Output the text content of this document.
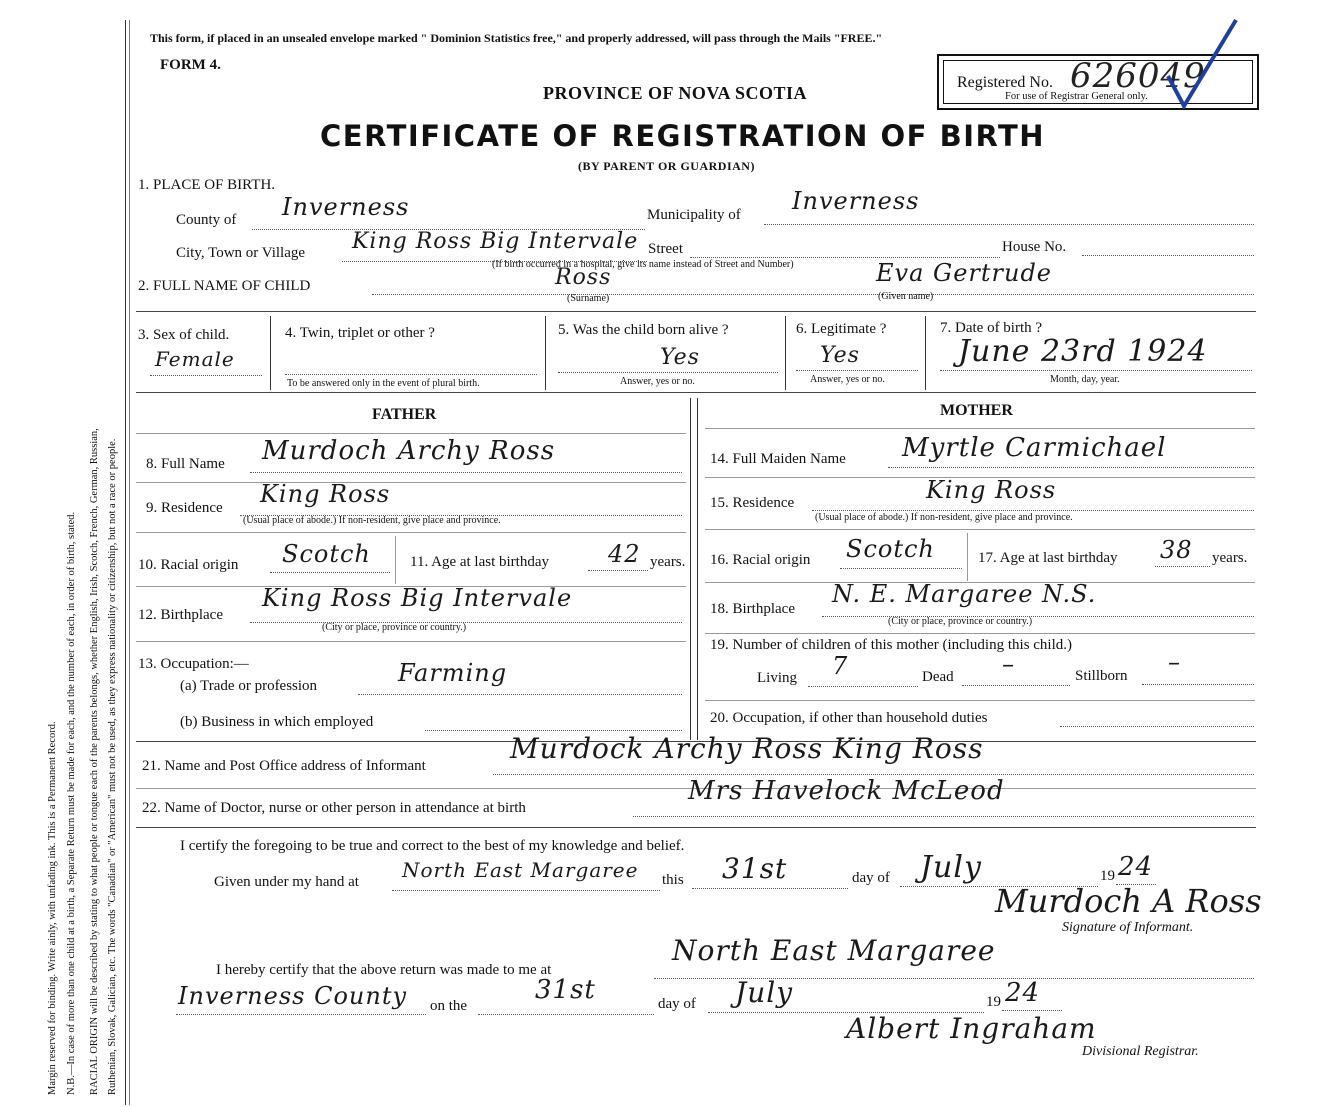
Margin reserved for binding. Write ainly, with unfading ink. This is a Permanent Record. N.B.—In case of more than one child at a birth, a Separate Return must be made for each, and the number of each, in order of birth, stated. RACIAL ORIGIN will be described by stating to what people or tongue each of the parents belongs, whether English, Irish, Scotch, French, German, Russian, Ruthenian, Slovak, Galician, etc. The words "Canadian" or "American" must not be used, as they express nationality or citizenship, but not a race or people.
This form, if placed in an unsealed envelope marked " Dominion Statistics free," and properly addressed, will pass through the Mails "FREE."
FORM 4.
PROVINCE OF NOVA SCOTIA
CERTIFICATE OF REGISTRATION OF BIRTH
(BY PARENT OR GUARDIAN)
Registered No. 626049
For use of Registrar General only.
1. PLACE OF BIRTH.
County of Inverness	Municipality of Inverness
City, Town or Village King Ross Big Intervale Street	House No.
(If birth occurred in a hospital, give its name instead of Street and Number)
2. FULL NAME OF CHILD	Ross
(Surname)
Eva Gertrude
(Given name)
3. Sex of child.
Female
4. Twin, triplet or other ?
To be answered only in the event of plural birth.
5. Was the child born alive ?
Yes
Answer, yes or no.
6. Legitimate ?
Yes
Answer, yes or no.
7. Date of birth ?
June 23rd 1924
Month, day, year.
FATHER	MOTHER
8. Full Name Murdoch Archy Ross
9. Residence King Ross
(Usual place of abode.) If non-resident, give place and province.
10. Racial origin Scotch	11. Age at last birthday 42 years.
12. Birthplace
King Ross Big Intervale
(City or place, province or country.)
13. Occupation:—
(a) Trade or profession	Farming
(b) Business in which employed
14. Full Maiden Name Myrtle Carmichael
15. Residence	King Ross
(Usual place of abode.) If non-resident, give place and province.
16. Racial origin Scotch	17. Age at last birthday 38 years.
18. Birthplace
N. E. Margaree N.S.
(City or place, province or country.)
19. Number of children of this mother (including this child.)
Living 7	Dead –	Stillborn –
20. Occupation, if other than household duties
21. Name and Post Office address of Informant
Murdock Archy Ross King Ross
22. Name of Doctor, nurse or other person in attendance at birth
Mrs Havelock McLeod
I certify the foregoing to be true and correct to the best of my knowledge and belief.
Given under my hand at North East Margaree this 31st	day of July	19 24
Murdoch A Ross
Signature of Informant.
I hereby certify that the above return was made to me at
North East Margaree
Inverness County on the
31st	day of July	19 24
Albert Ingraham
Divisional Registrar.
